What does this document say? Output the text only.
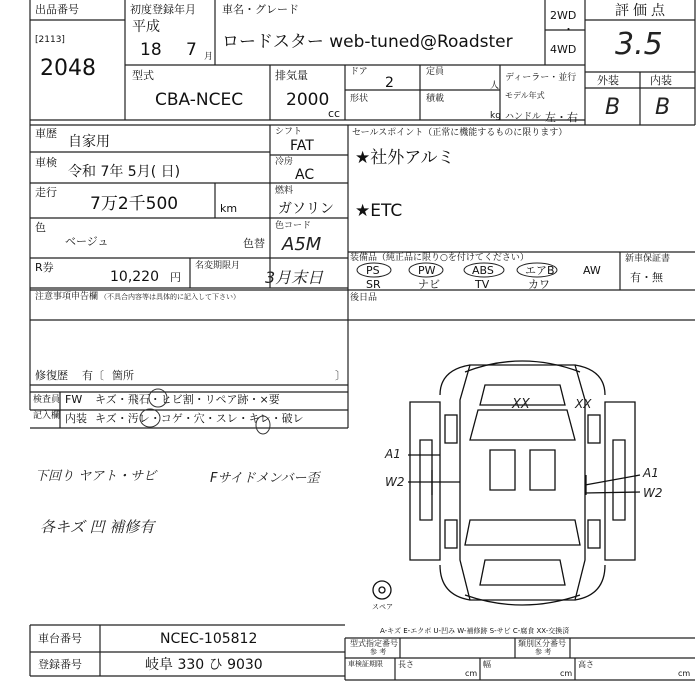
出品番号
[2113]
2048
初度登録年月
平成
18 7 月
車名・グレード
ロードスター web-tuned@Roadster
2WD
・
4WD
評価点
3.5
外装	内装
B B
型式
CBA-NCEC
排気量
2000
cc
ドア
2
定員
人
形状	積載
kg
ディーラー・並行
モデル年式
ハンドル 左・右
車歴
自家用
車検
令和 7年 5月( 日)
走行
7万2千500	km
色
ベージュ	色替
シフト
FAT
冷房
AC
燃料
ガソリン
色コード
A5M
R券
10,220 円
名変期限月
3月末日
セールスポイント（正常に機能するものに限ります）
★社外アルミ
★ETC
装備品（純正品に限り○を付けてください）
PS	PW	ABS	エアB	AW
SR	ナビ	TV	カワ
新車保証書
有・無
注意事項申告欄 （不具合内容等は具体的に記入して下さい）	後日品
修復歴 有〔 箇所	〕
検査員
記入欄
FW キズ・飛石・ヒビ割・リペア跡・×要
内装 キズ・汚レ・コゲ・穴・スレ・キレ・破レ
下回り ヤアト・サビ	Fサイドメンバー歪
各キズ 凹 補修有
XX	XX
A1
W2
A1
W2
スペア
A-キズ E-エクボ U-凹み W-補修跡 S-サビ C-腐食 XX-交換済
車台番号	NCEC-105812
登録番号	岐阜 330 ひ 9030
型式指定番号
参 考
類別区分番号
参 考
車検証期限 長さ
cm
幅
cm
高さ
cm
